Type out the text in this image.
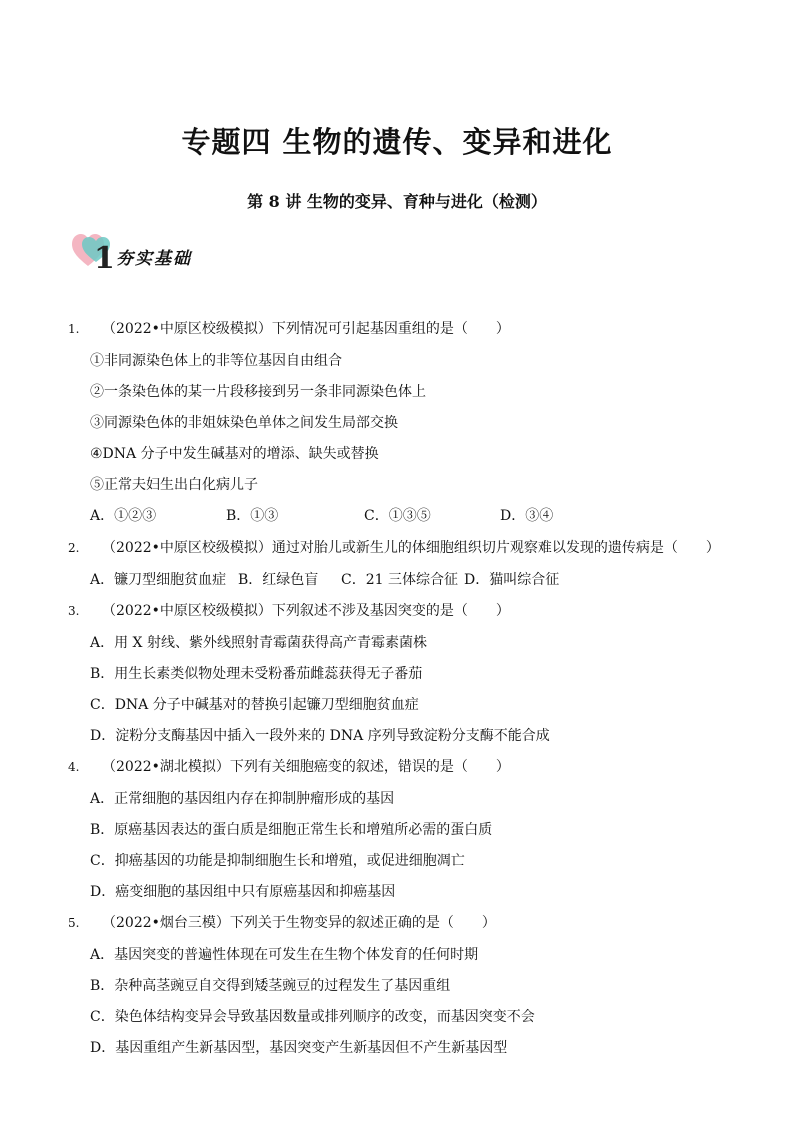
专题四 生物的遗传、变异和进化
第 8 讲 生物的变异、育种与进化（检测）
1 夯实基础
1. （2022•中原区校级模拟）下列情况可引起基因重组的是（　　）
①非同源染色体上的非等位基因自由组合
②一条染色体的某一片段移接到另一条非同源染色体上
③同源染色体的非姐妹染色单体之间发生局部交换
④DNA 分子中发生碱基对的增添、缺失或替换
⑤正常夫妇生出白化病儿子
A．①②③	B．①③	C．①③⑤	D．③④
2. （2022•中原区校级模拟）通过对胎儿或新生儿的体细胞组织切片观察难以发现的遗传病是（　　）
A．镰刀型细胞贫血症 B．红绿色盲 C．21 三体综合征 D．猫叫综合征
3. （2022•中原区校级模拟）下列叙述不涉及基因突变的是（　　）
A．用 X 射线、紫外线照射青霉菌获得高产青霉素菌株
B．用生长素类似物处理未受粉番茄雌蕊获得无子番茄
C．DNA 分子中碱基对的替换引起镰刀型细胞贫血症
D．淀粉分支酶基因中插入一段外来的 DNA 序列导致淀粉分支酶不能合成
4. （2022•湖北模拟）下列有关细胞癌变的叙述，错误的是（　　）
A．正常细胞的基因组内存在抑制肿瘤形成的基因
B．原癌基因表达的蛋白质是细胞正常生长和增殖所必需的蛋白质
C．抑癌基因的功能是抑制细胞生长和增殖，或促进细胞凋亡
D．癌变细胞的基因组中只有原癌基因和抑癌基因
5. （2022•烟台三模）下列关于生物变异的叙述正确的是（　　）
A．基因突变的普遍性体现在可发生在生物个体发育的任何时期
B．杂种高茎豌豆自交得到矮茎豌豆的过程发生了基因重组
C．染色体结构变异会导致基因数量或排列顺序的改变，而基因突变不会
D．基因重组产生新基因型，基因突变产生新基因但不产生新基因型
